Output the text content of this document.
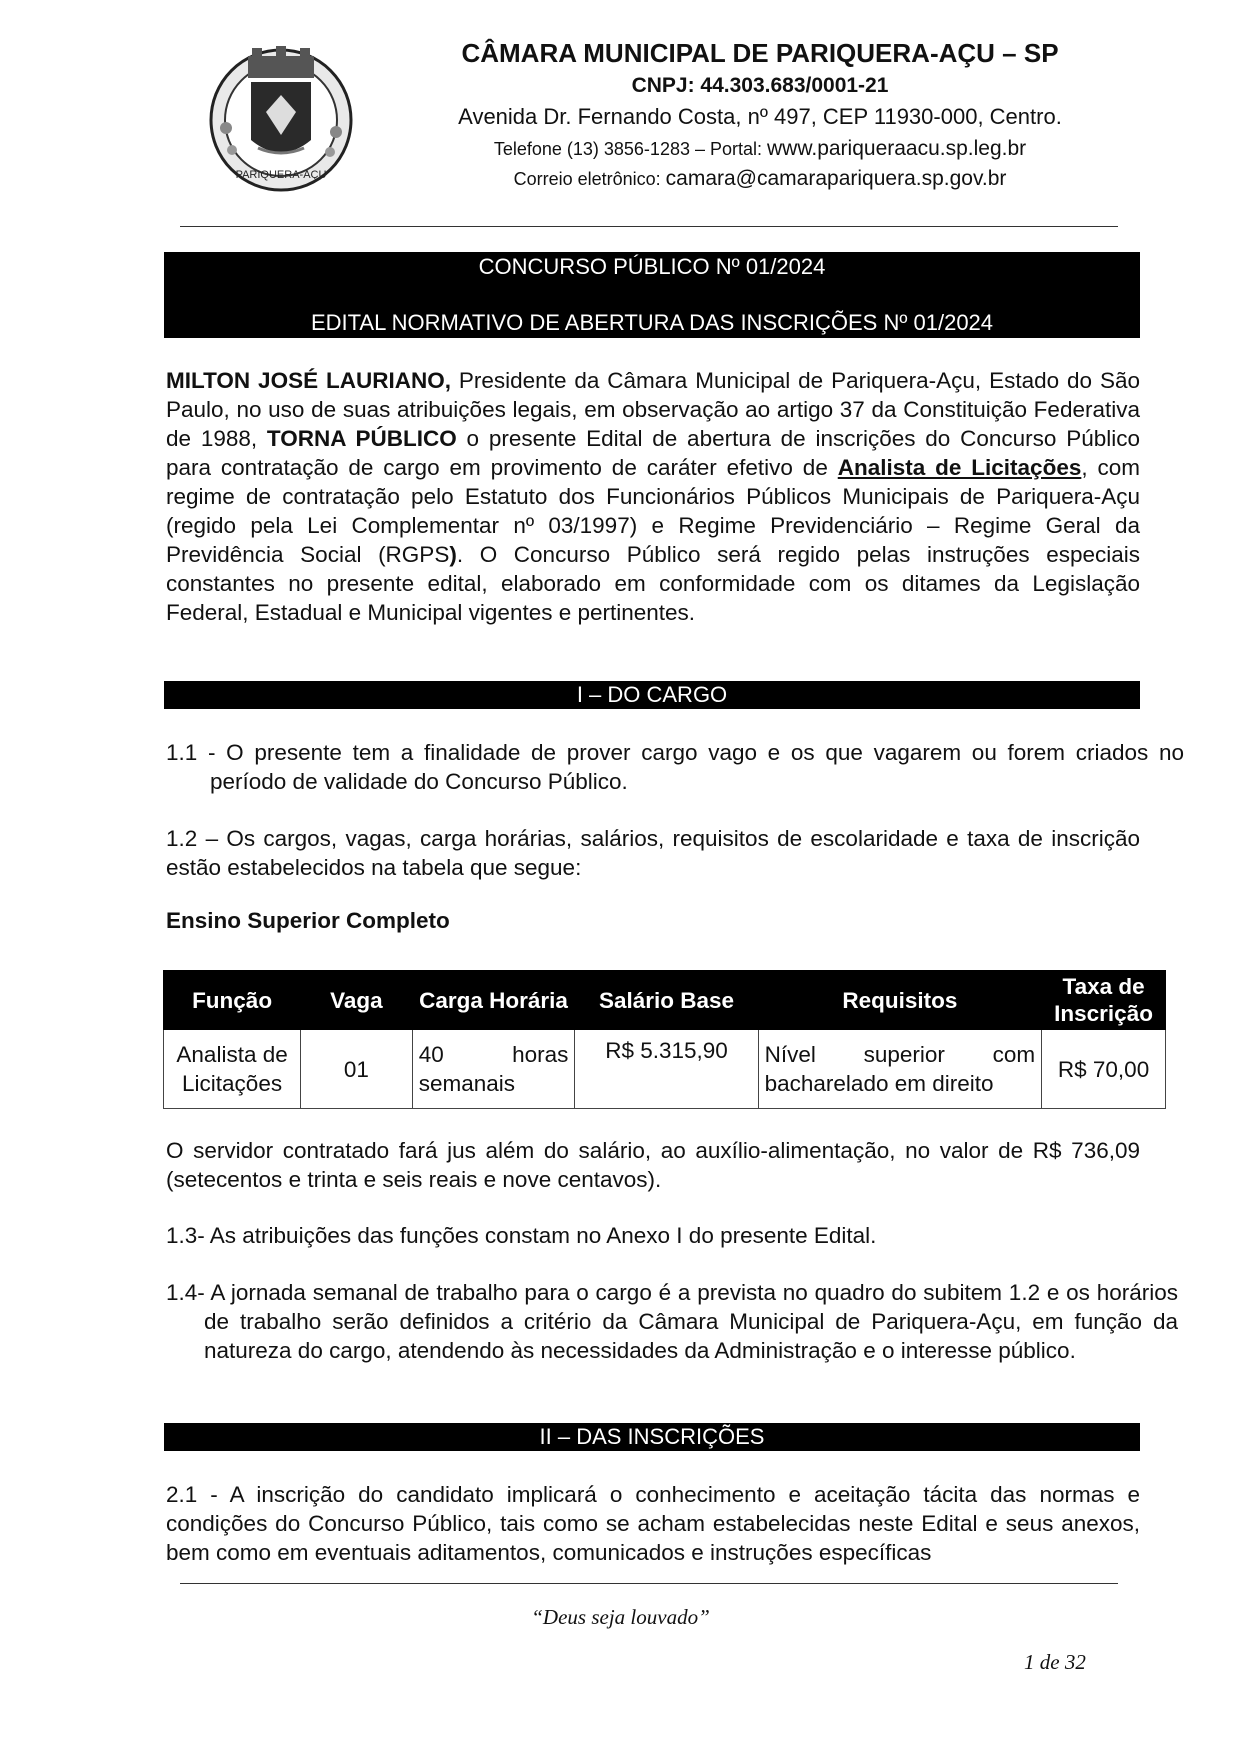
PARIQUERA-AÇU
CÂMARA MUNICIPAL DE PARIQUERA-AÇU – SP
CNPJ: 44.303.683/0001-21
Avenida Dr. Fernando Costa, nº 497, CEP 11930-000, Centro.
Telefone (13) 3856-1283 – Portal: www.pariqueraacu.sp.leg.br
Correio eletrônico: camara@camarapariquera.sp.gov.br
CONCURSO PÚBLICO Nº 01/2024
EDITAL NORMATIVO DE ABERTURA DAS INSCRIÇÕES Nº 01/2024
MILTON JOSÉ LAURIANO, Presidente da Câmara Municipal de Pariquera-Açu, Estado do São Paulo, no uso de suas atribuições legais, em observação ao artigo 37 da Constituição Federativa de 1988, TORNA PÚBLICO o presente Edital de abertura de inscrições do Concurso Público para contratação de cargo em provimento de caráter efetivo de Analista de Licitações, com regime de contratação pelo Estatuto dos Funcionários Públicos Municipais de Pariquera-Açu (regido pela Lei Complementar nº 03/1997) e Regime Previdenciário – Regime Geral da Previdência Social (RGPS). O Concurso Público será regido pelas instruções especiais constantes no presente edital, elaborado em conformidade com os ditames da Legislação Federal, Estadual e Municipal vigentes e pertinentes.
I – DO CARGO
1.1 - O presente tem a finalidade de prover cargo vago e os que vagarem ou forem criados no período de validade do Concurso Público.
1.2 – Os cargos, vagas, carga horárias, salários, requisitos de escolaridade e taxa de inscrição estão estabelecidos na tabela que segue:
Ensino Superior Completo
Função	Vaga	Carga Horária	Salário Base	Requisitos	Taxa de Inscrição
Analista de Licitações	01	40 horas semanais	R$ 5.315,90	Nível superior com bacharelado em direito	R$ 70,00
O servidor contratado fará jus além do salário, ao auxílio-alimentação, no valor de R$ 736,09 (setecentos e trinta e seis reais e nove centavos).
1.3- As atribuições das funções constam no Anexo I do presente Edital.
1.4- A jornada semanal de trabalho para o cargo é a prevista no quadro do subitem 1.2 e os horários de trabalho serão definidos a critério da Câmara Municipal de Pariquera-Açu, em função da natureza do cargo, atendendo às necessidades da Administração e o interesse público.
II – DAS INSCRIÇÕES
2.1 - A inscrição do candidato implicará o conhecimento e aceitação tácita das normas e condições do Concurso Público, tais como se acham estabelecidas neste Edital e seus anexos, bem como em eventuais aditamentos, comunicados e instruções específicas
“Deus seja louvado”
1 de 32
